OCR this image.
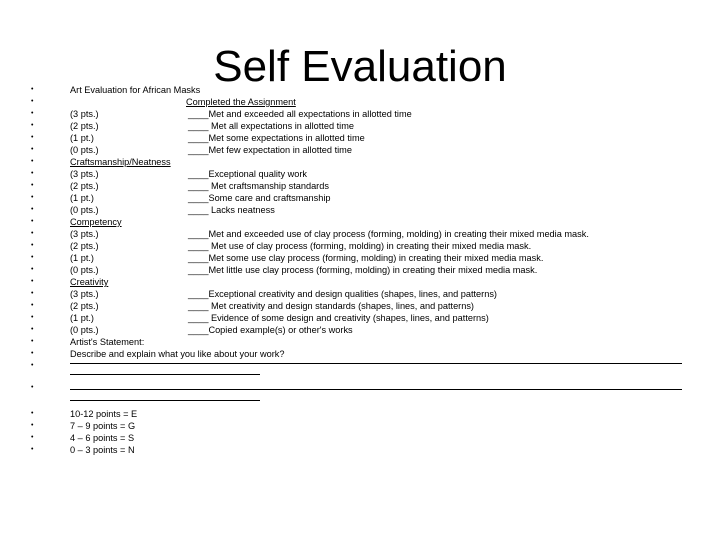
Self Evaluation
•	Art Evaluation for African Masks
•	Completed the Assignment
•	(3 pts.)	____Met and exceeded all expectations in allotted time
•	(2 pts.)	____ Met all expectations in allotted time
•	(1 pt.)	____Met some expectations in allotted time
•	(0 pts.)	____Met few expectation in allotted time
•	Craftsmanship/Neatness
•	(3 pts.)	____Exceptional quality work
•	(2 pts.)	____ Met craftsmanship standards
•	(1 pt.)	____Some care and craftsmanship
•	(0 pts.)	____ Lacks neatness
•	Competency
•	(3 pts.)	____Met and exceeded use of clay process (forming, molding) in creating their mixed media mask.
•	(2 pts.)	____ Met use of clay process (forming, molding) in creating their mixed media mask.
•	(1 pt.)	____Met some use clay process (forming, molding) in creating their mixed media mask.
•	(0 pts.)	____Met little use clay process (forming, molding) in creating their mixed media mask.
•	Creativity
•	(3 pts.)	____Exceptional creativity and design qualities (shapes, lines, and patterns)
•	(2 pts.)	____ Met creativity and design standards (shapes, lines, and patterns)
•	(1 pt.)	____ Evidence of some design and creativity (shapes, lines, and patterns)
•	(0 pts.)	____Copied example(s) or other's works
•	Artist's Statement:
•	Describe and explain what you like about your work?
•
•
•	10-12 points = E
•	7 – 9 points = G
•	4 – 6 points = S
•	0 – 3 points = N
